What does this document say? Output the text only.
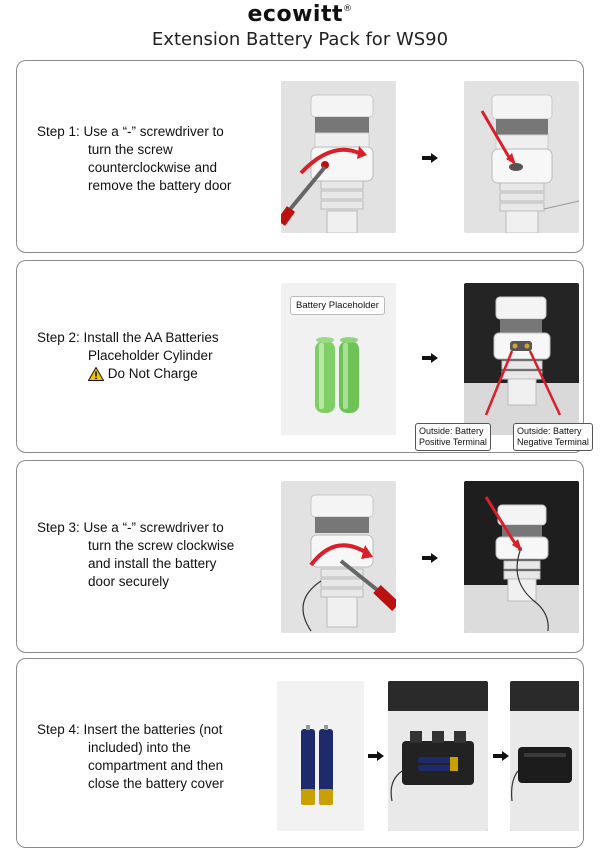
ecowitt®
Extension Battery Pack for WS90
Step 1: Use a “-” screwdriver to
turn the screw
counterclockwise and
remove the battery door
Step 2: Install the AA Batteries
Placeholder Cylinder
Do Not Charge
Battery Placeholder
Outside: Battery
Positive Terminal
Outside: Battery
Negative Terminal
Step 3: Use a “-” screwdriver to
turn the screw clockwise
and install the battery
door securely
Step 4: Insert the batteries (not
included) into the
compartment and then
close the battery cover
